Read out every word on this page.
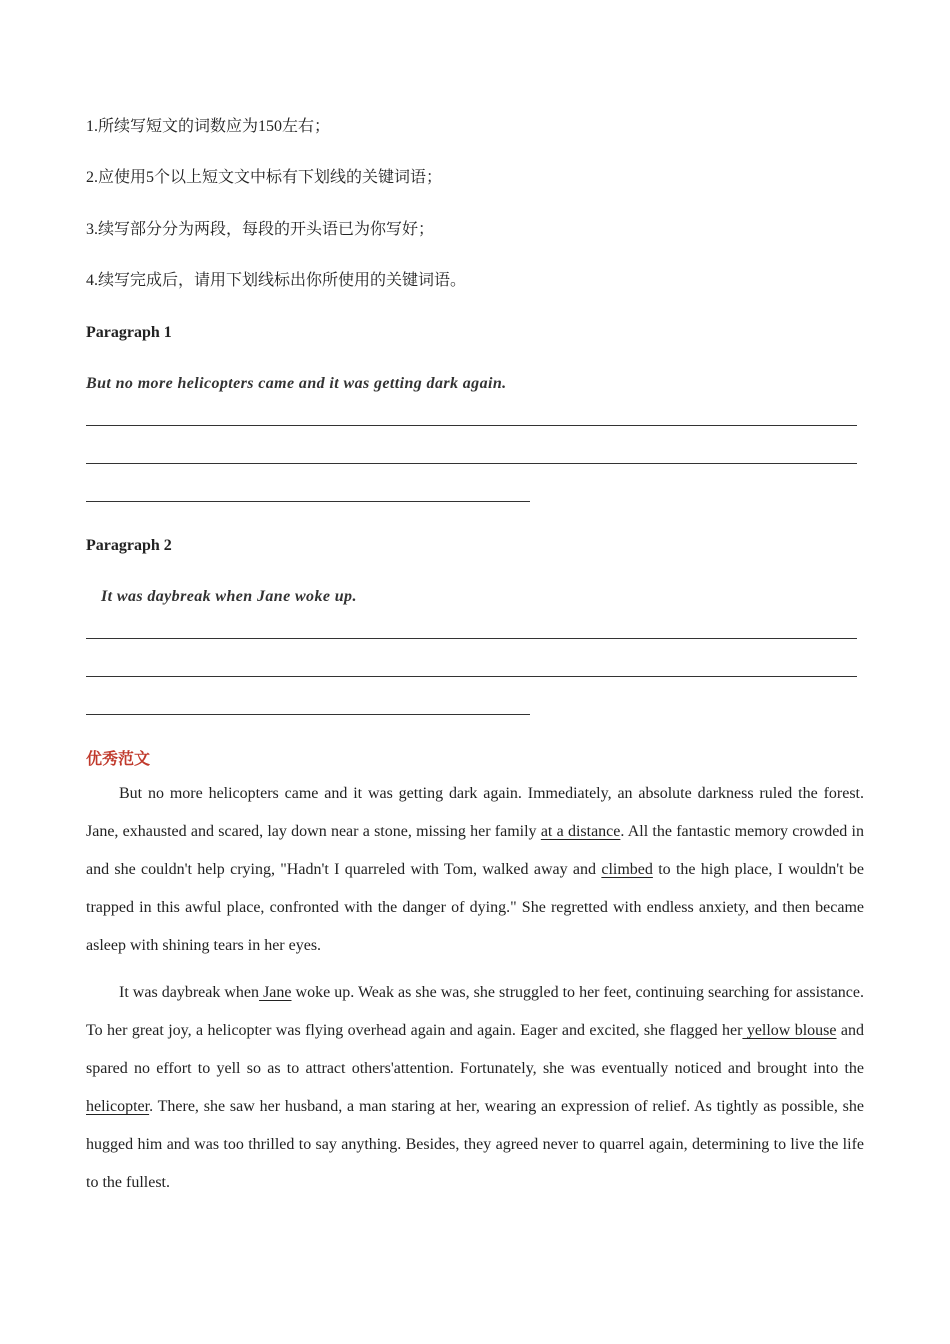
1.所续写短文的词数应为150左右；
2.应使用5个以上短文文中标有下划线的关键词语；
3.续写部分分为两段，每段的开头语已为你写好；
4.续写完成后，请用下划线标出你所使用的关键词语。
Paragraph 1
But no more helicopters came and it was getting dark again.
Paragraph 2
It was daybreak when Jane woke up.
优秀范文

But no more helicopters came and it was getting dark again. Immediately, an absolute darkness ruled the forest. Jane, exhausted and scared, lay down near a stone, missing her family at a distance. All the fantastic memory crowded in and she couldn't help crying, "Hadn't I quarreled with Tom, walked away and climbed to the high place, I wouldn't be trapped in this awful place, confronted with the danger of dying." She regretted with endless anxiety, and then became asleep with shining tears in her eyes.

It was daybreak when Jane woke up. Weak as she was, she struggled to her feet, continuing searching for assistance. To her great joy, a helicopter was flying overhead again and again. Eager and excited, she flagged her yellow blouse and spared no effort to yell so as to attract others'attention. Fortunately, she was eventually noticed and brought into the helicopter. There, she saw her husband, a man staring at her, wearing an expression of relief. As tightly as possible, she hugged him and was too thrilled to say anything. Besides, they agreed never to quarrel again, determining to live the life to the fullest.
